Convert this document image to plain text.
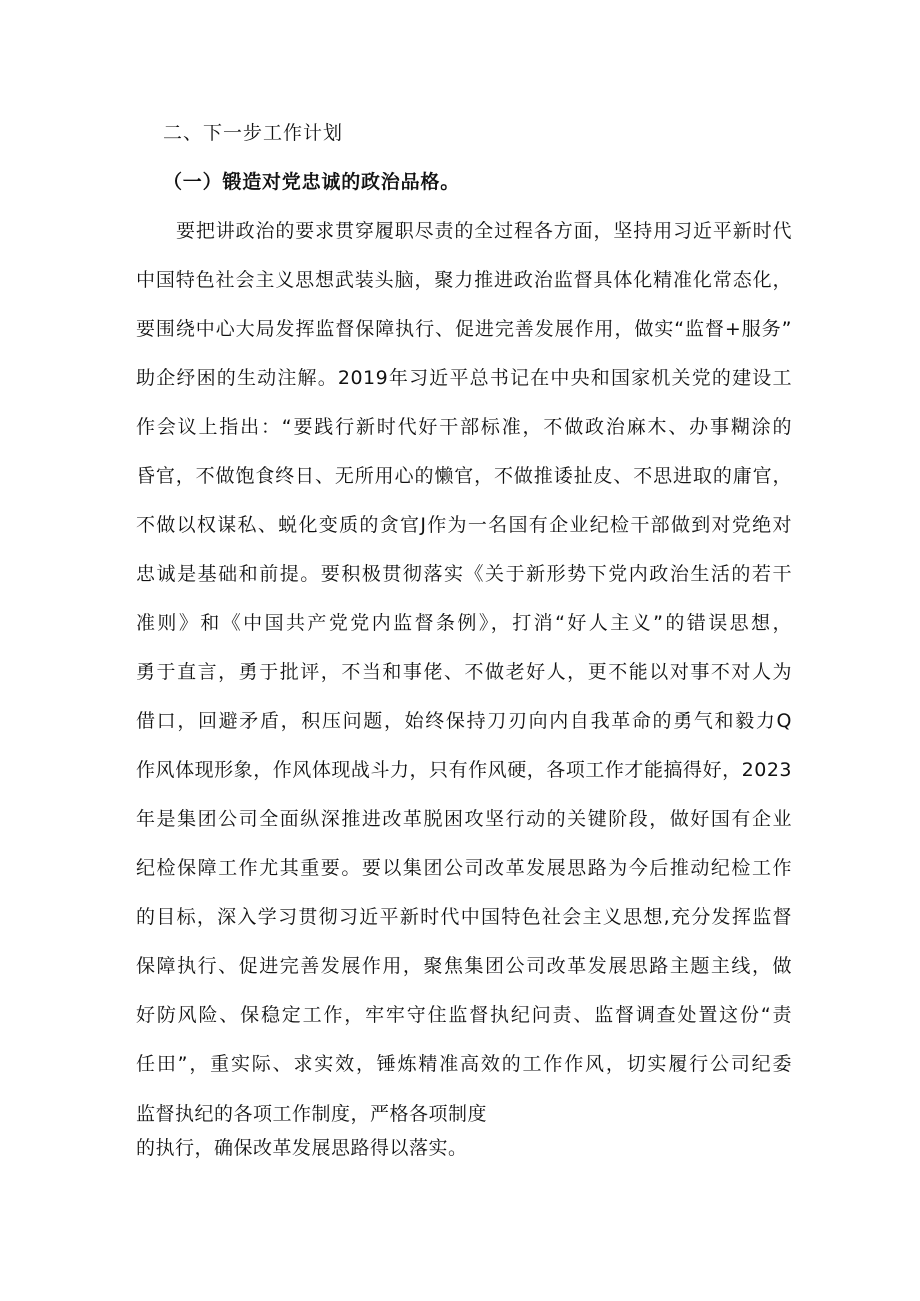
二、下一步工作计划
（一）锻造对党忠诚的政治品格。
要把讲政治的要求贯穿履职尽责的全过程各方面，坚持用习近平新时代
中国特色社会主义思想武装头脑，聚力推进政治监督具体化精准化常态化，
要围绕中心大局发挥监督保障执行、促进完善发展作用，做实“监督+服务”
助企纾困的生动注解。2019年习近平总书记在中央和国家机关党的建设工
作会议上指出：“要践行新时代好干部标准，不做政治麻木、办事糊涂的
昏官，不做饱食终日、无所用心的懒官，不做推诿扯皮、不思进取的庸官，
不做以权谋私、蜕化变质的贪官J作为一名国有企业纪检干部做到对党绝对
忠诚是基础和前提。要积极贯彻落实《关于新形势下党内政治生活的若干
准则》和《中国共产党党内监督条例》，打消“好人主义”的错误思想，
勇于直言，勇于批评，不当和事佬、不做老好人，更不能以对事不对人为
借口，回避矛盾，积压问题，始终保持刀刃向内自我革命的勇气和毅力Q
作风体现形象，作风体现战斗力，只有作风硬，各项工作才能搞得好，2023
年是集团公司全面纵深推进改革脱困攻坚行动的关键阶段，做好国有企业
纪检保障工作尤其重要。要以集团公司改革发展思路为今后推动纪检工作
的目标，深入学习贯彻习近平新时代中国特色社会主义思想,充分发挥监督
保障执行、促进完善发展作用，聚焦集团公司改革发展思路主题主线，做
好防风险、保稳定工作，牢牢守住监督执纪问责、监督调查处置这份“责
任田”，重实际、求实效，锤炼精准高效的工作作风，切实履行公司纪委
监督执纪的各项工作制度，严格各项制度
的执行，确保改革发展思路得以落实。
